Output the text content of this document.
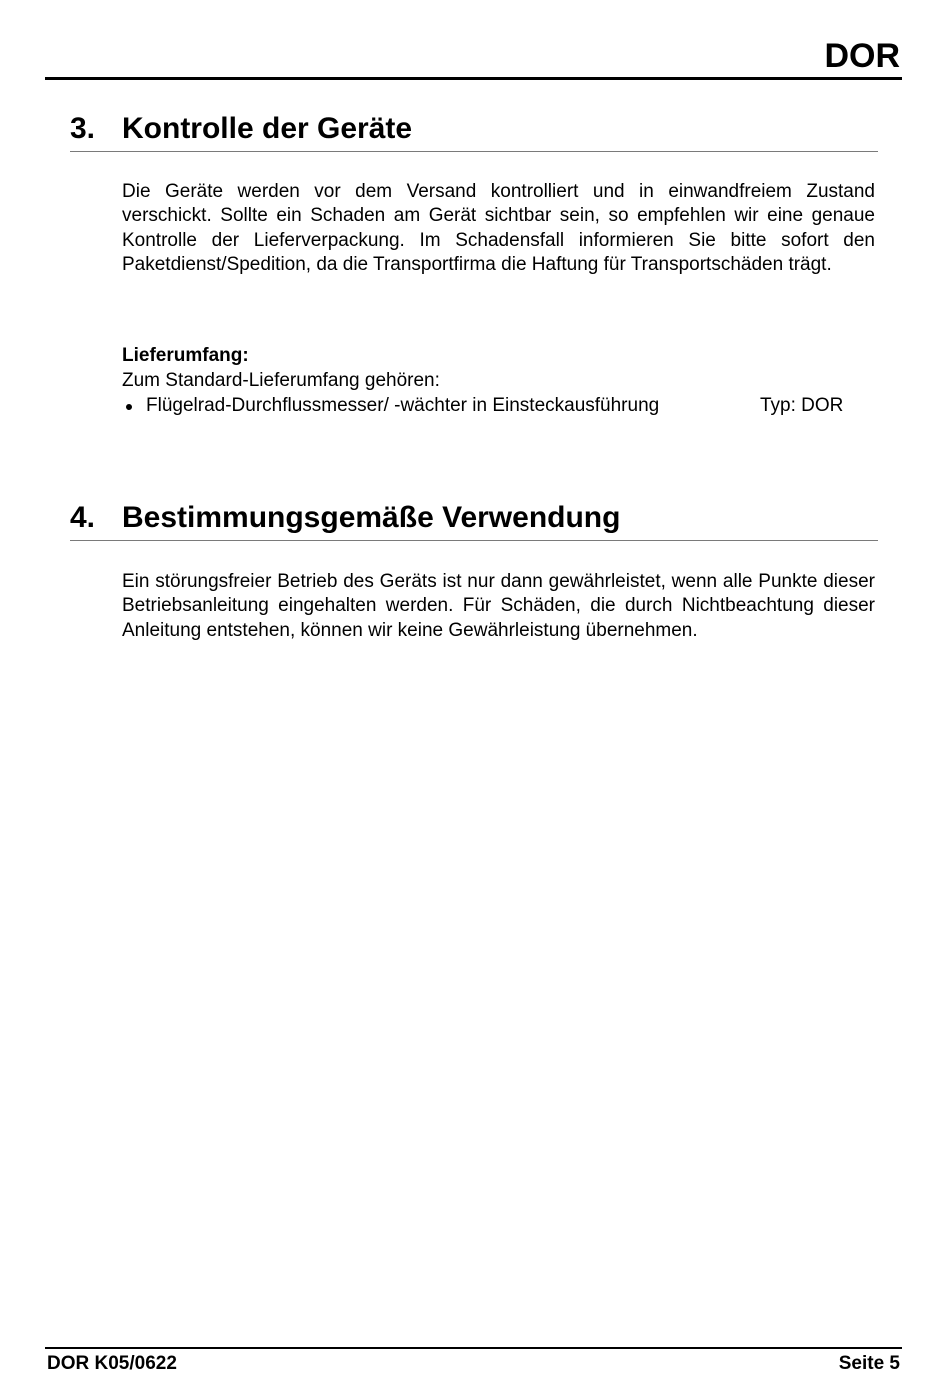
DOR
3. Kontrolle der Geräte

Die Geräte werden vor dem Versand kontrolliert und in einwandfreiem Zustand verschickt. Sollte ein Schaden am Gerät sichtbar sein, so empfehlen wir eine genaue Kontrolle der Lieferverpackung. Im Schadensfall informieren Sie bitte sofort den Paketdienst/Spedition, da die Transportfirma die Haftung für Transportschäden trägt.

Lieferumfang:
Zum Standard-Lieferumfang gehören:
Flügelrad-Durchflussmesser/ -wächter in Einsteckausführung	Typ: DOR
4. Bestimmungsgemäße Verwendung

Ein störungsfreier Betrieb des Geräts ist nur dann gewährleistet, wenn alle Punkte dieser Betriebsanleitung eingehalten werden. Für Schäden, die durch Nichtbeachtung dieser Anleitung entstehen, können wir keine Gewährleistung übernehmen.

DOR K05/0622	Seite 5
